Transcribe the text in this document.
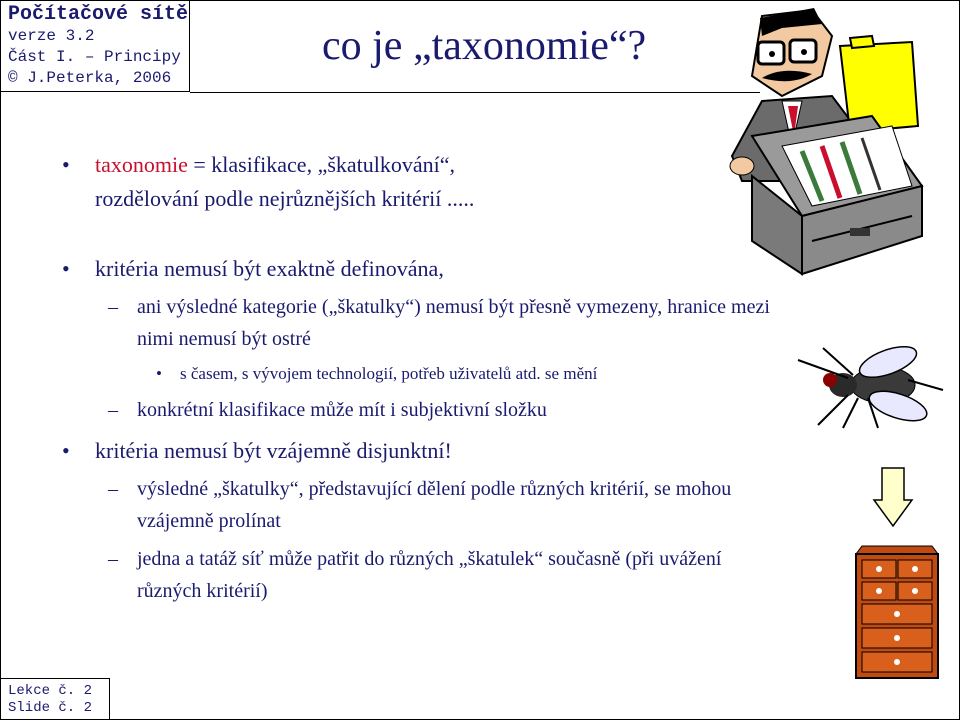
Počítačové sítě
verze 3.2
Část I. – Principy
© J.Peterka, 2006
co je „taxonomie“?
• taxonomie = klasifikace, „škatulkování“,
rozdělování podle nejrůznějších kritérií .....
• kritéria nemusí být exaktně definována,
– ani výsledné kategorie („škatulky“) nemusí být přesně vymezeny, hranice mezi
nimi nemusí být ostré
• s časem, s vývojem technologií, potřeb uživatelů atd. se mění
– konkrétní klasifikace může mít i subjektivní složku
• kritéria nemusí být vzájemně disjunktní!
– výsledné „škatulky“, představující dělení podle různých kritérií, se mohou
vzájemně prolínat
– jedna a tatáž síť může patřit do různých „škatulek“ současně (při uvážení
různých kritérií)
Lekce č. 2
Slide č. 2
